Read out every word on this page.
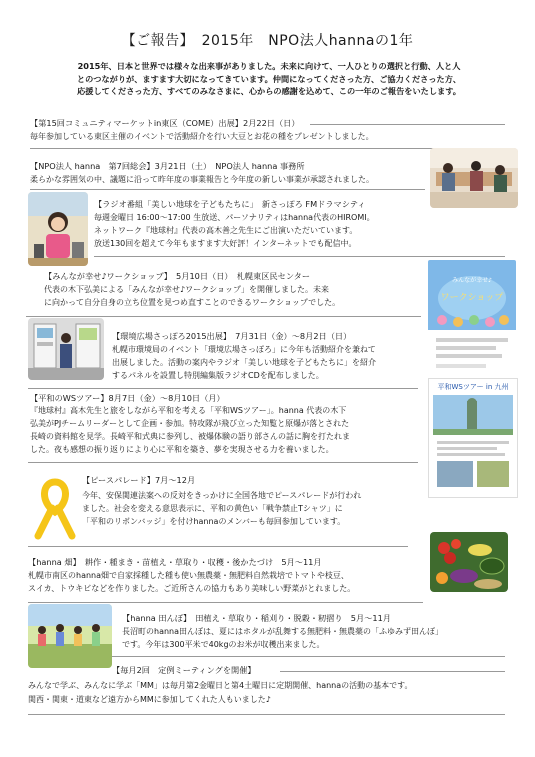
【ご報告】　2015年　NPO法人hannaの1年
2015年、日本と世界では様々な出来事がありました。未来に向けて、一人ひとりの選択と行動、人と人
とのつながりが、ますます大切になってきています。仲間になってくださった方、ご協力くださった方、
応援してくださった方、すべてのみなさまに、心からの感謝を込めて、この一年のご報告をいたします。
【第15回コミュニティマーケットin東区（COME）出展】2月22日（日）
毎年参加している東区主催のイベントで活動紹介を行い大豆とお花の種をプレゼントしました。
【NPO法人 hanna　第7回総会】3月21日（土）　NPO法人 hanna 事務所
柔らかな雰囲気の中、議題に沿って昨年度の事業報告と今年度の新しい事業が承認されました。
【ラジオ番組「美しい地球を子どもたちに」　新さっぽろ FMドラマシティ
毎週金曜日 16:00～17:00 生放送、パーソナリティはhanna代表のHIROMI。
ネットワーク『地球村』代表の高木善之先生にご出演いただいています。
放送130回を超えて今年もますます大好評！インターネットでも配信中。
【みんなが幸せ♪ワークショップ】　5月10日（日）　札幌東区民センター
代表の木下弘美による「みんなが幸せ♪ワークショップ」を開催しました。未来
に向かって自分自身の立ち位置を見つめ直すことのできるワークショップでした。
みんなが幸せ♪
ワークショップ
【環境広場さっぽろ2015出展】　7月31日（金）～8月2日（日）
札幌市環境局のイベント「環境広場さっぽろ」に今年も活動紹介を兼ねて
出展しました。活動の案内やラジオ「美しい地球を子どもたちに」を紹介
するパネルを設置し特別編集版ラジオCDを配布しました。
【平和のWSツアー】8月7日（金）～8月10日（月）
『地球村』高木先生と旅をしながら平和を考える「平和WSツアー」。hanna 代表の木下
弘美がPJチームリーダーとして企画・参加。特攻隊が飛び立った知覧と原爆が落とされた
長崎の資料館を見学。長崎平和式典に参列し、被爆体験の語り部さんの話に胸を打たれま
した。夜も感想の振り返りにより心に平和を築き、夢を実現させる力を養いました。
平和WSツアー in 九州
【ピースパレード】7月～12月
今年、安保関連法案への反対をきっかけに全国各地でピースパレードが行われ
ました。社会を変える意思表示に、平和の黄色い「戦争禁止Tシャツ」に
「平和のリボンバッジ」を付けhannaのメンバーも毎回参加しています。
【hanna 畑】　耕作・種まき・苗植え・草取り・収穫・後かたづけ　5月～11月
札幌市南区のhanna畑で自家採種した種も使い無農薬・無肥料自然栽培でトマトや枝豆、
スイカ、トウキビなどを作りました。ご近所さんの協力もあり美味しい野菜がとれました。
【hanna 田んぼ】　田植え・草取り・稲刈り・脱穀・籾摺り　5月～11月
長沼町のhanna田んぼは、夏にはホタルが乱舞する無肥料・無農薬の「ふゆみず田んぼ」
です。今年は300平米で40kgのお米が収穫出来ました。
【毎月2回　定例ミーティングを開催】
みんなで学ぶ、みんなに学ぶ「MM」は毎月第2金曜日と第4土曜日に定期開催、hannaの活動の基本です。
関西・関東・道東など遠方からMMに参加してくれた人もいました♪
